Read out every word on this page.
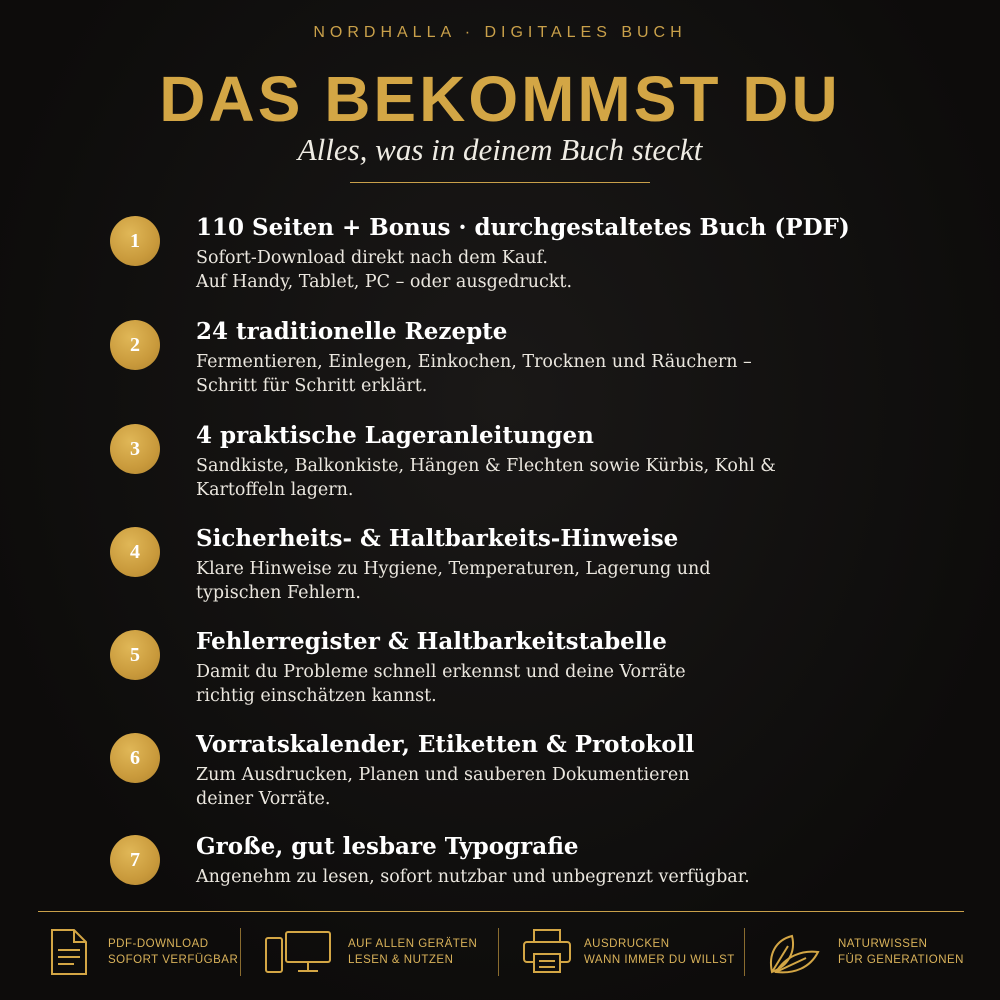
NORDHALLA · DIGITALES BUCH
DAS BEKOMMST DU
Alles, was in deinem Buch steckt
1	110 Seiten + Bonus · durchgestaltetes Buch (PDF)
Sofort-Download direkt nach dem Kauf.
Auf Handy, Tablet, PC – oder ausgedruckt.
2	24 traditionelle Rezepte
Fermentieren, Einlegen, Einkochen, Trocknen und Räuchern –
Schritt für Schritt erklärt.
3	4 praktische Lageranleitungen
Sandkiste, Balkonkiste, Hängen & Flechten sowie Kürbis, Kohl &
Kartoffeln lagern.
4	Sicherheits- & Haltbarkeits-Hinweise
Klare Hinweise zu Hygiene, Temperaturen, Lagerung und
typischen Fehlern.
5	Fehlerregister & Haltbarkeitstabelle
Damit du Probleme schnell erkennst und deine Vorräte
richtig einschätzen kannst.
6	Vorratskalender, Etiketten & Protokoll
Zum Ausdrucken, Planen und sauberen Dokumentieren
deiner Vorräte.
7	Große, gut lesbare Typografie
Angenehm zu lesen, sofort nutzbar und unbegrenzt verfügbar.
PDF-DOWNLOAD
SOFORT VERFÜGBAR
AUF ALLEN GERÄTEN
LESEN & NUTZEN
AUSDRUCKEN
WANN IMMER DU WILLST
NATURWISSEN
FÜR GENERATIONEN
